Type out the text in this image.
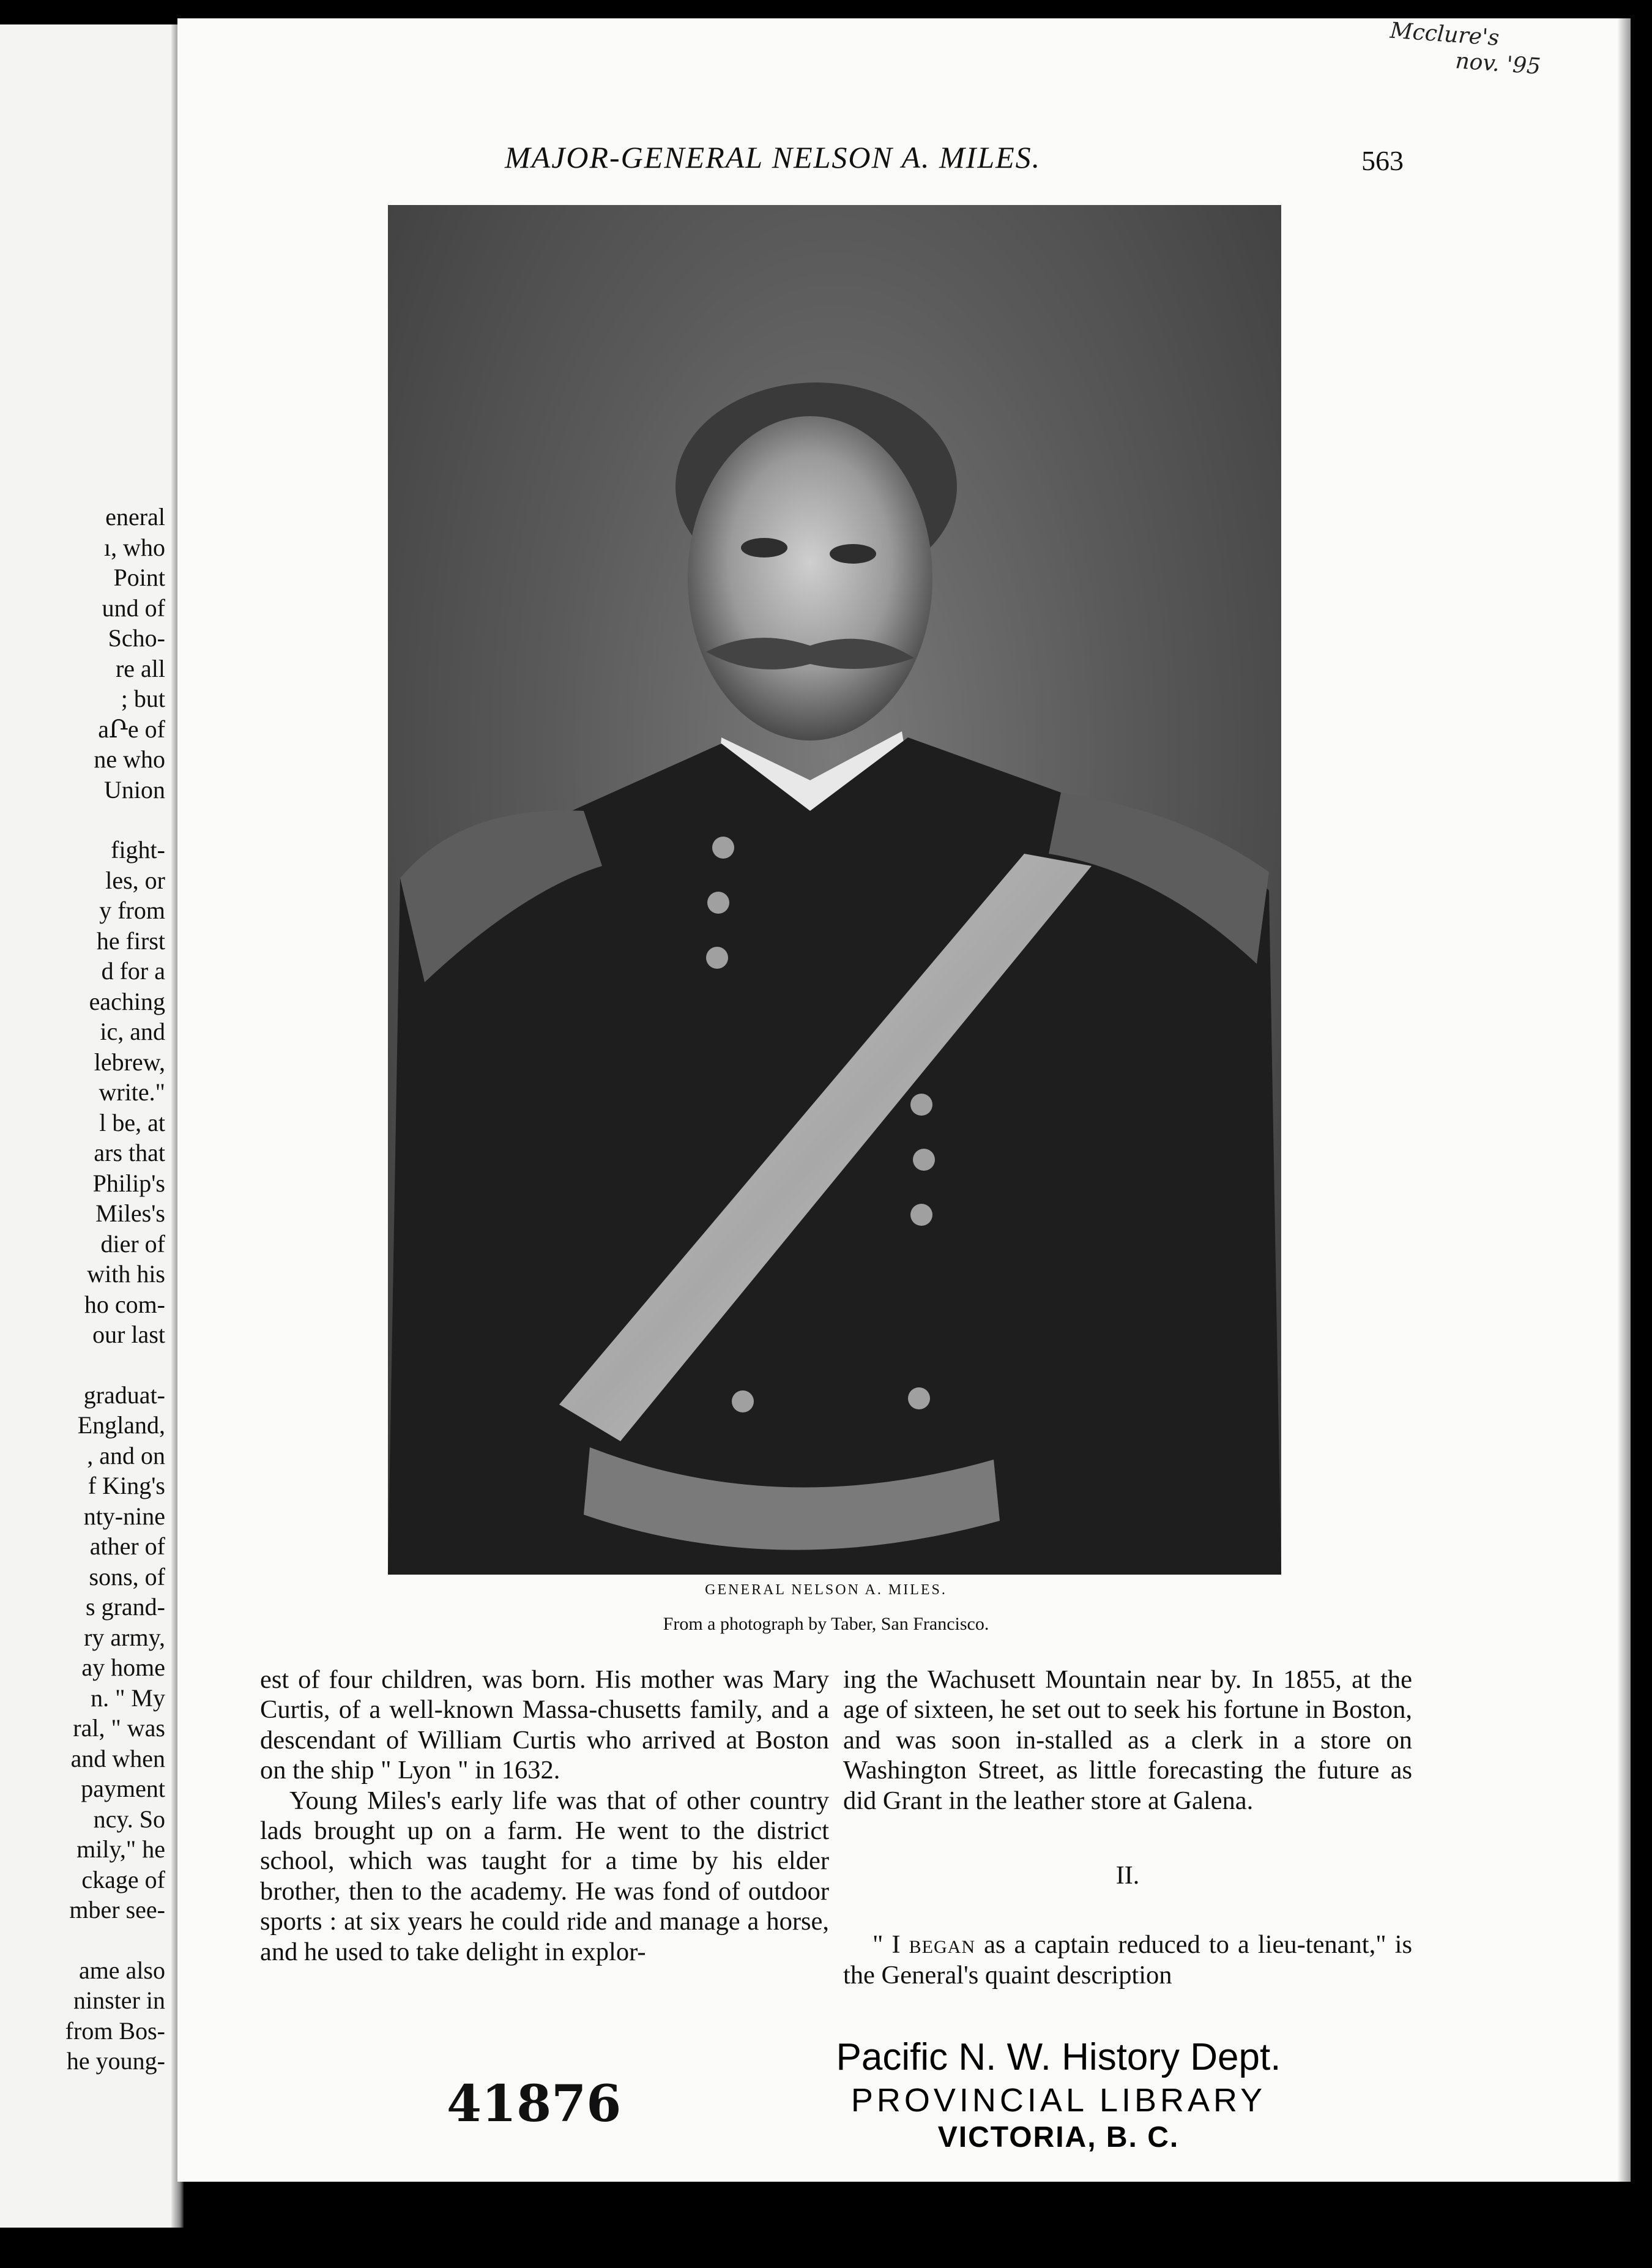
eneral
ı, who
Point
und of
Scho-
re all
; but
aՐe of
ne who
Union
fight-
les, or
y from
he first
d for a
eaching
ic, and
lebrew,
write."
l be, at
ars that
Philip's
Miles's
dier of
with his
ho com-
our last
graduat-
England,
, and on
f King's
nty-nine
ather of
sons, of
s grand-
ry army,
ay home
n. " My
ral, " was
and when
payment
ncy. So
mily," he
ckage of
mber see-
ame also
ninster in
from Bos-
he young-
Mcclure's
nov. '95
MAJOR-GENERAL NELSON A. MILES.	563
GENERAL NELSON A. MILES.
From a photograph by Taber, San Francisco.

est of four children, was born. His mother was Mary Curtis, of a well-known Massa-chusetts family, and a descendant of William Curtis who arrived at Boston on the ship " Lyon " in 1632.

Young Miles's early life was that of other country lads brought up on a farm. He went to the district school, which was taught for a time by his elder brother, then to the academy. He was fond of outdoor sports : at six years he could ride and manage a horse, and he used to take delight in explor-

ing the Wachusett Mountain near by. In 1855, at the age of sixteen, he set out to seek his fortune in Boston, and was soon in-stalled as a clerk in a store on Washington Street, as little forecasting the future as did Grant in the leather store at Galena.

II.

" I began as a captain reduced to a lieu-tenant," is the General's quaint description

41876
Pacific N. W. History Dept.
PROVINCIAL LIBRARY
VICTORIA, B. C.
